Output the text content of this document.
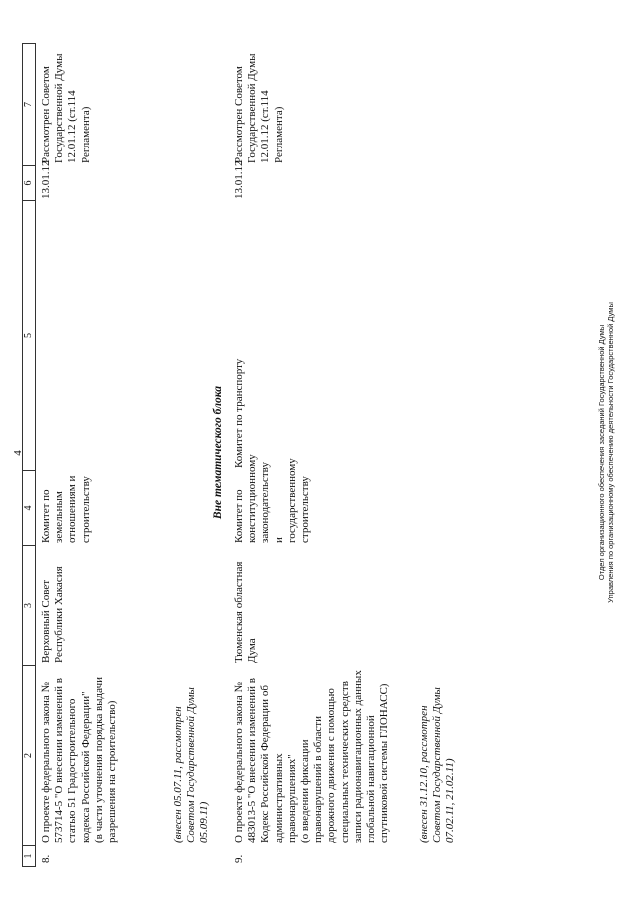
4
1
2
3
4
5
6
7
8.
О проекте федерального закона № 573714-5 "О внесении изменений в статью 51 Градостроительного кодекса Российской Федерации"
(в части уточнения порядка выдачи разрешения на строительство)	(внесен 05.07.11, рассмотрен Советом Государственной Думы 05.09.11)
Верховный Совет Республики Хакасия
Комитет по земельным отношениям и строительству
13.01.12
Рассмотрен Советом Государственной Думы 12.01.12 (ст.114 Регламента)
Вне тематического блока
9.
О проекте федерального закона № 483013-5 "О внесении изменений в Кодекс Российской Федерации об административных правонарушениях"
(о введении фиксации правонарушений в области дорожного движения с помощью специальных технических средств записи радионавигационных данных глобальной навигационной спутниковой системы ГЛОНАСС)	(внесен 31.12.10, рассмотрен Советом Государственной Думы 07.02.11, 21.02.11)
Тюменская областная Дума
Комитет по конституционному законодательству и государственному строительству
Комитет по транспорту
13.01.12
Рассмотрен Советом Государственной Думы 12.01.12 (ст.114 Регламента)
Отдел организационного обеспечения заседаний Государственной Думы Управления по организационному обеспечению деятельности Государственной Думы
